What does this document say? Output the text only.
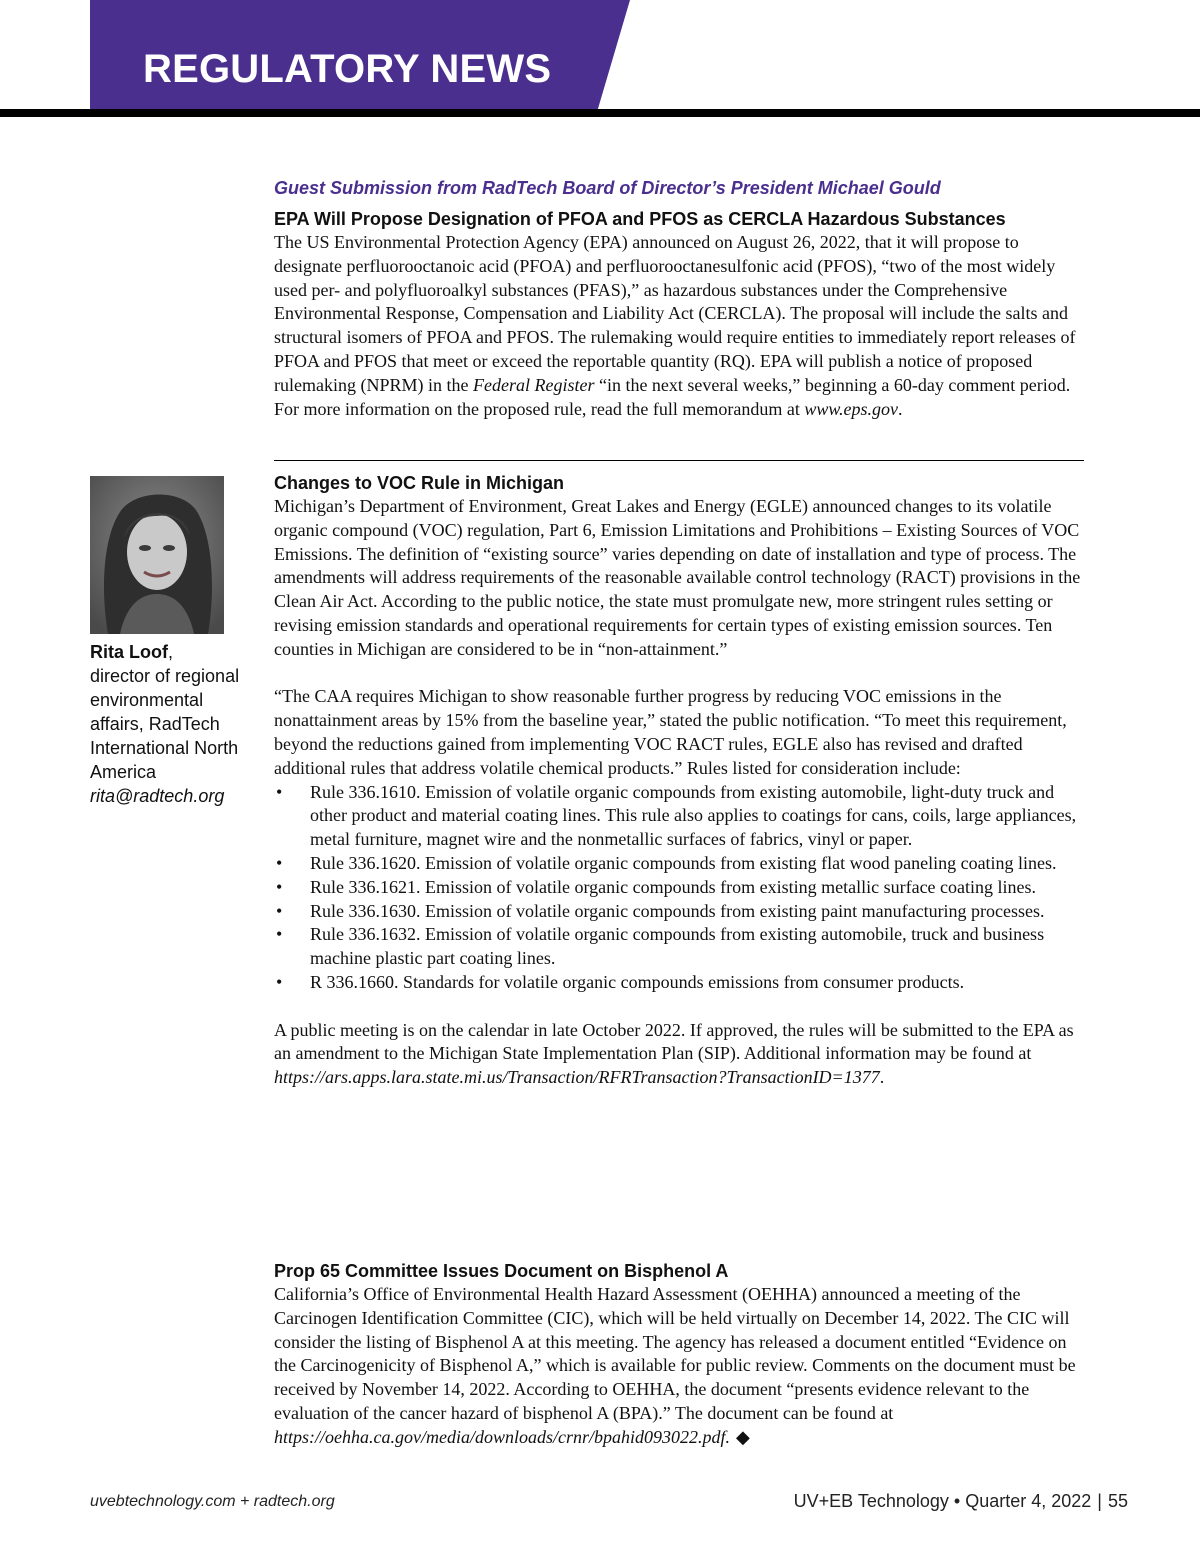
REGULATORY NEWS

Guest Submission from RadTech Board of Director’s President Michael Gould

EPA Will Propose Designation of PFOA and PFOS as CERCLA Hazardous Substances

The US Environmental Protection Agency (EPA) announced on August 26, 2022, that it will propose to designate perfluorooctanoic acid (PFOA) and perfluorooctanesulfonic acid (PFOS), “two of the most widely used per- and polyfluoroalkyl substances (PFAS),” as hazardous substances under the Comprehensive Environmental Response, Compensation and Liability Act (CERCLA). The proposal will include the salts and structural isomers of PFOA and PFOS. The rulemaking would require entities to immediately report releases of PFOA and PFOS that meet or exceed the reportable quantity (RQ). EPA will publish a notice of proposed rulemaking (NPRM) in the Federal Register “in the next several weeks,” beginning a 60-day comment period. For more information on the proposed rule, read the full memorandum at www.eps.gov.

Rita Loof,
director of regional environmental affairs, RadTech International North America
rita@radtech.org
Changes to VOC Rule in Michigan

Michigan’s Department of Environment, Great Lakes and Energy (EGLE) announced changes to its volatile organic compound (VOC) regulation, Part 6, Emission Limitations and Prohibitions – Existing Sources of VOC Emissions. The definition of “existing source” varies depending on date of installation and type of process. The amendments will address requirements of the reasonable available control technology (RACT) provisions in the Clean Air Act. According to the public notice, the state must promulgate new, more stringent rules setting or revising emission standards and operational requirements for certain types of existing emission sources. Ten counties in Michigan are considered to be in “non-attainment.”

“The CAA requires Michigan to show reasonable further progress by reducing VOC emissions in the nonattainment areas by 15% from the baseline year,” stated the public notification. “To meet this requirement, beyond the reductions gained from implementing VOC RACT rules, EGLE also has revised and drafted additional rules that address volatile chemical products.” Rules listed for consideration include:

• Rule 336.1610. Emission of volatile organic compounds from existing automobile, light-duty truck and other product and material coating lines. This rule also applies to coatings for cans, coils, large appliances, metal furniture, magnet wire and the nonmetallic surfaces of fabrics, vinyl or paper.
• Rule 336.1620. Emission of volatile organic compounds from existing flat wood paneling coating lines.
• Rule 336.1621. Emission of volatile organic compounds from existing metallic surface coating lines.
• Rule 336.1630. Emission of volatile organic compounds from existing paint manufacturing processes.
• Rule 336.1632. Emission of volatile organic compounds from existing automobile, truck and business machine plastic part coating lines.
• R 336.1660. Standards for volatile organic compounds emissions from consumer products.

A public meeting is on the calendar in late October 2022. If approved, the rules will be submitted to the EPA as an amendment to the Michigan State Implementation Plan (SIP). Additional information may be found at https://ars.apps.lara.state.mi.us/Transaction/RFRTransaction?TransactionID=1377.

Prop 65 Committee Issues Document on Bisphenol A

California’s Office of Environmental Health Hazard Assessment (OEHHA) announced a meeting of the Carcinogen Identification Committee (CIC), which will be held virtually on December 14, 2022. The CIC will consider the listing of Bisphenol A at this meeting. The agency has released a document entitled “Evidence on the Carcinogenicity of Bisphenol A,” which is available for public review. Comments on the document must be received by November 14, 2022. According to OEHHA, the document “presents evidence relevant to the evaluation of the cancer hazard of bisphenol A (BPA).” The document can be found at https://oehha.ca.gov/media/downloads/crnr/bpahid093022.pdf. ◆

uvebtechnology.com + radtech.org	UV+EB Technology • Quarter 4, 2022 | 55
